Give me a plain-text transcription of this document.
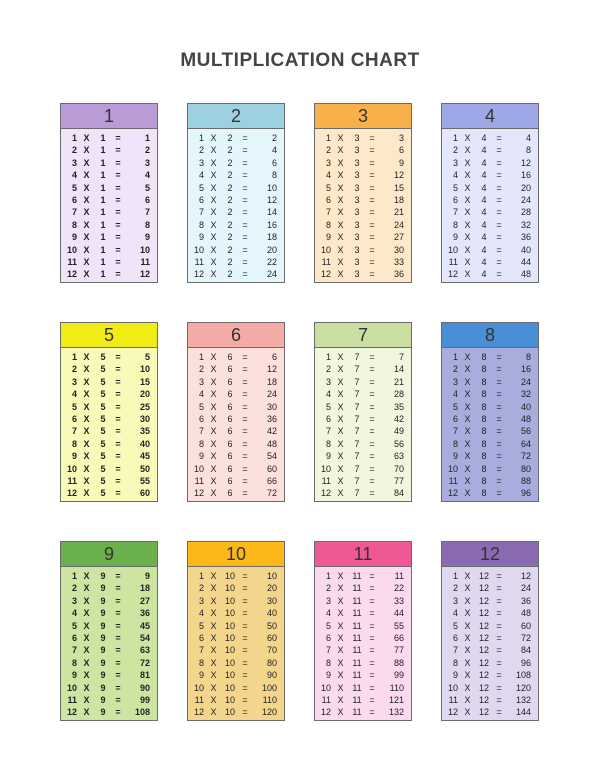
MULTIPLICATION CHART
1
1 X	1	=	1
2 X	1	=	2
3 X	1	=	3
4 X	1	=	4
5 X	1	=	5
6 X	1	=	6
7 X	1	=	7
8 X	1	=	8
9 X	1	=	9
10 X	1	=	10
11 X	1	=	11
12 X	1	=	12
2
1 X	2	=	2
2 X	2	=	4
3 X	2	=	6
4 X	2	=	8
5 X	2	=	10
6 X	2	=	12
7 X	2	=	14
8 X	2	=	16
9 X	2	=	18
10 X	2	=	20
11 X	2	=	22
12 X	2	=	24
3
1 X	3	=	3
2 X	3	=	6
3 X	3	=	9
4 X	3	=	12
5 X	3	=	15
6 X	3	=	18
7 X	3	=	21
8 X	3	=	24
9 X	3	=	27
10 X	3	=	30
11 X	3	=	33
12 X	3	=	36
4
1 X	4	=	4
2 X	4	=	8
3 X	4	=	12
4 X	4	=	16
5 X	4	=	20
6 X	4	=	24
7 X	4	=	28
8 X	4	=	32
9 X	4	=	36
10 X	4	=	40
11 X	4	=	44
12 X	4	=	48
5
1 X	5	=	5
2 X	5	=	10
3 X	5	=	15
4 X	5	=	20
5 X	5	=	25
6 X	5	=	30
7 X	5	=	35
8 X	5	=	40
9 X	5	=	45
10 X	5	=	50
11 X	5	=	55
12 X	5	=	60
6
1 X	6	=	6
2 X	6	=	12
3 X	6	=	18
4 X	6	=	24
5 X	6	=	30
6 X	6	=	36
7 X	6	=	42
8 X	6	=	48
9 X	6	=	54
10 X	6	=	60
11 X	6	=	66
12 X	6	=	72
7
1 X	7	=	7
2 X	7	=	14
3 X	7	=	21
4 X	7	=	28
5 X	7	=	35
6 X	7	=	42
7 X	7	=	49
8 X	7	=	56
9 X	7	=	63
10 X	7	=	70
11 X	7	=	77
12 X	7	=	84
8
1 X	8	=	8
2 X	8	=	16
3 X	8	=	24
4 X	8	=	32
5 X	8	=	40
6 X	8	=	48
7 X	8	=	56
8 X	8	=	64
9 X	8	=	72
10 X	8	=	80
11 X	8	=	88
12 X	8	=	96
9
1 X	9	=	9
2 X	9	=	18
3 X	9	=	27
4 X	9	=	36
5 X	9	=	45
6 X	9	=	54
7 X	9	=	63
8 X	9	=	72
9 X	9	=	81
10 X	9	=	90
11 X	9	=	99
12 X	9	=	108
10
1 X 10 =	10
2 X 10 =	20
3 X 10 =	30
4 X 10 =	40
5 X 10 =	50
6 X 10 =	60
7 X 10 =	70
8 X 10 =	80
9 X 10 =	90
10 X 10 =	100
11 X 10 =	110
12 X 10 =	120
11
1 X 11 =	11
2 X 11 =	22
3 X 11 =	33
4 X 11 =	44
5 X 11 =	55
6 X 11 =	66
7 X 11 =	77
8 X 11 =	88
9 X 11 =	99
10 X 11 =	110
11 X 11 =	121
12 X 11 =	132
12
1 X 12 =	12
2 X 12 =	24
3 X 12 =	36
4 X 12 =	48
5 X 12 =	60
6 X 12 =	72
7 X 12 =	84
8 X 12 =	96
9 X 12 =	108
10 X 12 =	120
11 X 12 =	132
12 X 12 =	144
